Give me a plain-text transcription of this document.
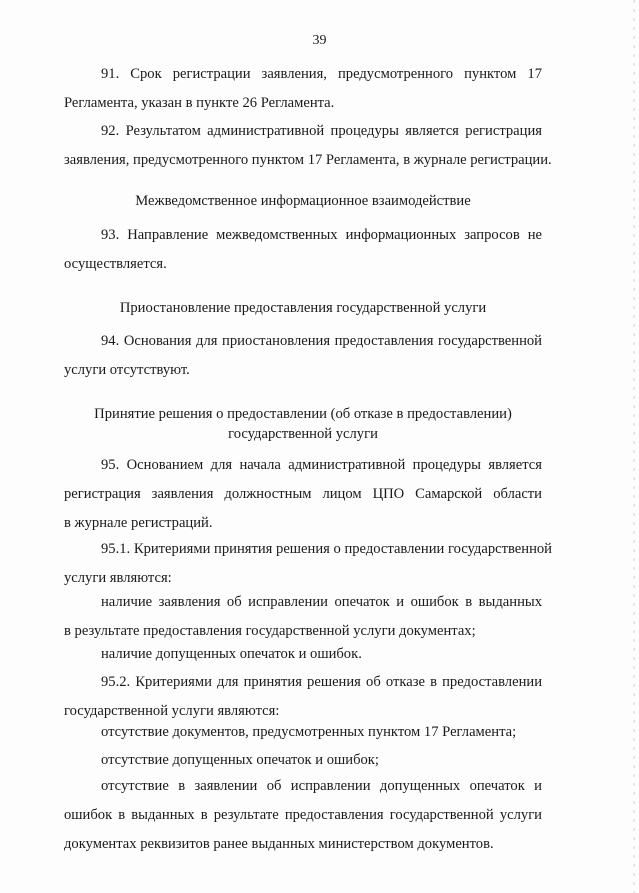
39
91. Срок регистрации заявления, предусмотренного пунктом 17
Регламента, указан в пункте 26 Регламента.
92. Результатом административной процедуры является регистрация
заявления, предусмотренного пунктом 17 Регламента, в журнале регистрации.
Межведомственное информационное взаимодействие
93. Направление межведомственных информационных запросов не
осуществляется.
Приостановление предоставления государственной услуги
94. Основания для приостановления предоставления государственной
услуги отсутствуют.
Принятие решения о предоставлении (об отказе в предоставлении)
государственной услуги
95. Основанием для начала административной процедуры является
регистрация заявления должностным лицом ЦПО Самарской области
в журнале регистраций.
95.1. Критериями принятия решения о предоставлении государственной
услуги являются:
наличие заявления об исправлении опечаток и ошибок в выданных
в результате предоставления государственной услуги документах;
наличие допущенных опечаток и ошибок.
95.2. Критериями для принятия решения об отказе в предоставлении
государственной услуги являются:
отсутствие документов, предусмотренных пунктом 17 Регламента;
отсутствие допущенных опечаток и ошибок;
отсутствие в заявлении об исправлении допущенных опечаток и
ошибок в выданных в результате предоставления государственной услуги
документах реквизитов ранее выданных министерством документов.
